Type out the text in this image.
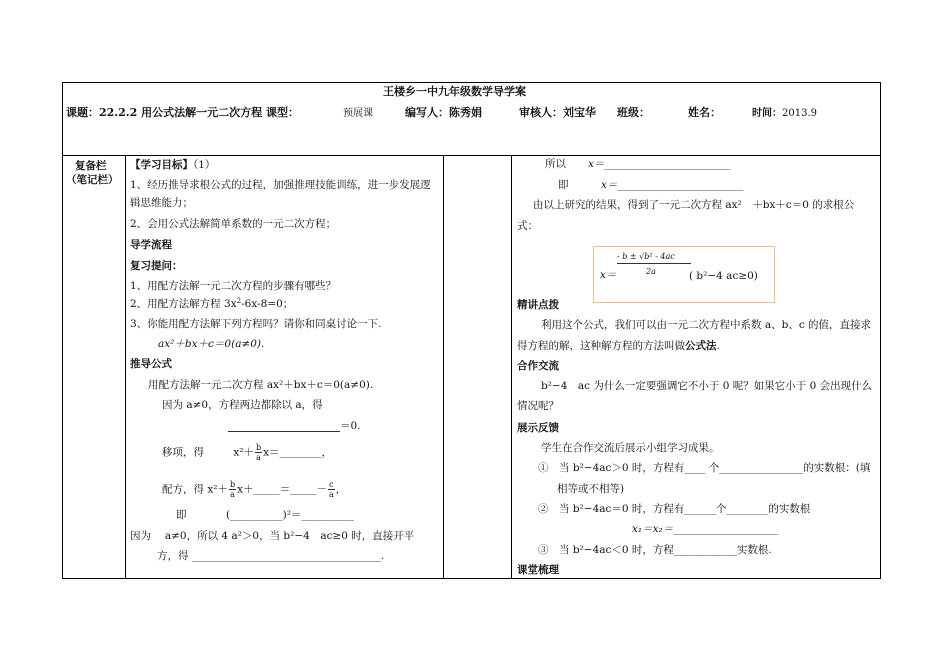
王楼乡一中九年级数学导学案
课题：22.2.2 用公式法解一元二次方程 课型：	预展课	编写人：陈秀娟	审核人：刘宝华 班级：	姓名：	时间：2013.9
复备栏
（笔记栏）
【学习目标】（1）
1、经历推导求根公式的过程，加强推理技能训练，进一步发展逻
辑思维能力；
2、会用公式法解简单系数的一元二次方程；
导学流程
复习提问：
1、用配方法解一元二次方程的步骤有哪些？
2、用配方法解方程 $3x^2-6x-8=0$；
3、你能用配方法解下列方程吗？请你和同桌讨论一下.
ax²＋bx＋c＝0(a≠0).
推导公式
用配方法解一元二次方程 ax²＋bx＋c＝0(a≠0).
因为 a≠0，方程两边都除以 a，得
＝0.
移项，得	$x^2+ \frac{b}{a}$ x＝________，
配方，得 $x^2+ \frac{b}{a}$ x＋_____＝_____－ $\frac{c}{a}$ ，
即	(__________)²＝__________
因为　 a≠0，所以 4 a²＞0，当 b²−4　ac≥0 时，直接开平
方，得 ____________________________________.
所以 x＝________________________
即	x＝________________________
由以上研究的结果，得到了一元二次方程 ax²　＋bx＋c＝0 的求根公
式：
x＝
- b ± √b² - 4ac
2a	( b²−4 ac≥0)
精讲点拨
利用这个公式，我们可以由一元二次方程中系数 a、b、c 的值，直接求
得方程的解，这种解方程的方法叫做公式法.
合作交流
b²−4　ac 为什么一定要强调它不小于 0 呢？如果它小于 0 会出现什么
情况呢？
展示反馈
学生在合作交流后展示小组学习成果。
①　当 b²−4ac＞0 时，方程有____ 个________________的实数根：(填
相等或不相等)
②　当 b²−4ac＝0 时，方程有______个________的实数根
x₁＝x₂＝____________________
③　当 b²−4ac＜0 时，方程____________实数根.
课堂梳理
